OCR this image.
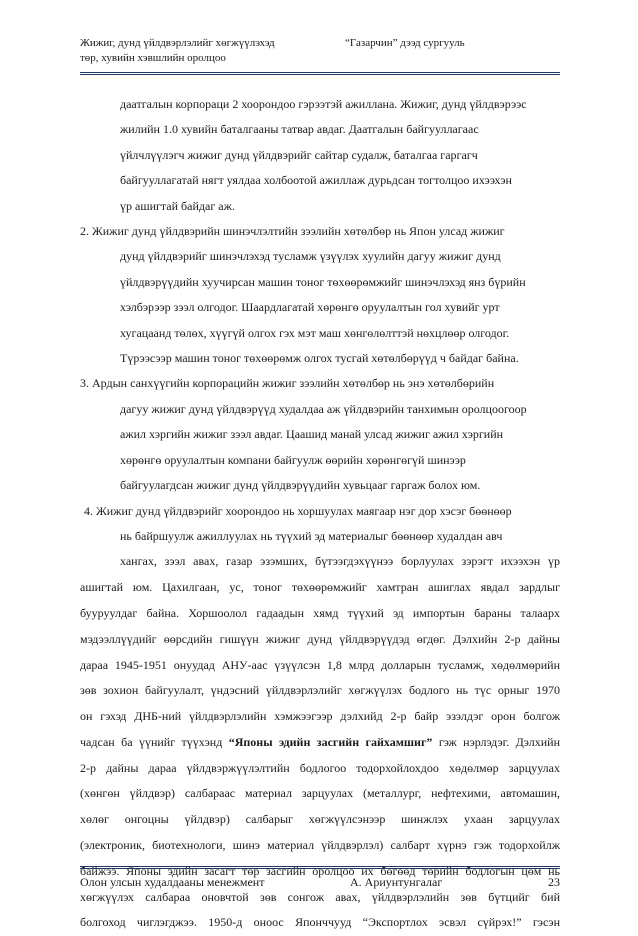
Жижиг, дунд үйлдвэрлэлийг хөгжүүлэхэд
төр, хувийн хэвшлийн оролцоо
“Газарчин” дээд сургууль
даатгалын корпораци 2 хоорондоо гэрээтэй ажиллана. Жижиг, дунд үйлдвэрээс
жилийн 1.0 хувийн баталгааны татвар авдаг. Даатгалын байгууллагаас
үйлчлүүлэгч жижиг дунд үйлдвэрийг сайтар судалж, баталгаа гаргагч
байгууллагатай нягт уялдаа холбоотой ажиллаж дурьдсан тогтолцоо ихээхэн
үр ашигтай байдаг аж.
2. Жижиг дунд үйлдвэрийн шинэчлэлтийн зээлийн хөтөлбөр нь Япон улсад жижиг
дунд үйлдвэрийг шинэчлэхэд тусламж үзүүлэх хуулийн дагуу жижиг дунд
үйлдвэрүүдийн хуучирсан машин тоног төхөөрөмжийг шинэчлэхэд янз бүрийн
хэлбэрээр зээл олгодог. Шаардлагатай хөрөнгө оруулалтын гол хувийг урт
хугацаанд төлөх, хүүгүй олгох гэх мэт маш хөнгөлөлттэй нөхцлөөр олгодог.
Түрээсээр машин тоног төхөөрөмж олгох тусгай хөтөлбөрүүд ч байдаг байна.
3. Ардын санхүүгийн корпорацийн жижиг зээлийн хөтөлбөр нь энэ хөтөлбөрийн
дагуу жижиг дунд үйлдвэрүүд худалдаа аж үйлдвэрийн танхимын оролцоогоор
ажил хэргийн жижиг зээл авдаг. Цаашид манай улсад жижиг ажил хэргийн
хөрөнгө оруулалтын компани байгуулж өөрийн хөрөнгөгүй шинээр
байгуулагдсан жижиг дунд үйлдвэрүүдийн хувьцааг гаргаж болох юм.
4. Жижиг дунд үйлдвэрийг хоорондоо нь хоршуулах маягаар нэг дор хэсэг бөөнөөр
нь байршуулж ажиллуулах нь түүхий эд материалыг бөөнөөр худалдан авч
хангах, зээл авах, газар эзэмших, бүтээгдэхүүнээ борлуулах зэрэгт ихээхэн үр
ашигтай юм. Цахилгаан, ус, тоног төхөөрөмжийг хамтран ашиглах явдал зардлыг
бууруулдаг байна. Хоршоолол гадаадын хямд түүхий эд импортын бараны талаарх
мэдээллүүдийг өөрсдийн гишүүн жижиг дунд үйлдвэрүүдэд өгдөг. Дэлхийн 2-р дайны
дараа 1945-1951 онуудад АНУ-аас үзүүлсэн 1,8 млрд долларын тусламж, хөдөлмөрийн
зөв зохион байгуулалт, үндэсний үйлдвэрлэлийг хөгжүүлэх бодлого нь түс орныг 1970
он гэхэд ДНБ-ний үйлдвэрлэлийн хэмжээгээр дэлхийд 2-р байр эзэлдэг орон болгож
чадсан ба үүнийг түүхэнд “Японы эдийн засгийн гайхамшиг” гэж нэрлэдэг. Дэлхийн
2-р дайны дараа үйлдвэржүүлэлтийн бодлогоо тодорхойлохдоо хөдөлмөр зарцуулах
(хөнгөн үйлдвэр) салбараас материал зарцуулах (металлург, нефтехими, автомашин,
хөлөг онгоцны үйлдвэр) салбарыг хөгжүүлсэнээр шинжлэх ухаан зарцуулах
(электроник, биотехнологи, шинэ материал үйлдвэрлэл) салбарт хүрнэ гэж тодорхойлж
байжээ. Японы эдийн засагт төр засгийн оролцоо их бөгөөд төрийн бодлогын цөм нь
хөгжүүлэх салбараа оновчтой зөв сонгож авах, үйлдвэрлэлийн зөв бүтцийг бий
болгоход чиглэгджээ. 1950-д оноос Японччууд “Экспортлох эсвэл сүйрэх!” гэсэн
Олон улсын худалдааны менежмент	А. Ариунтунгалаг	23
